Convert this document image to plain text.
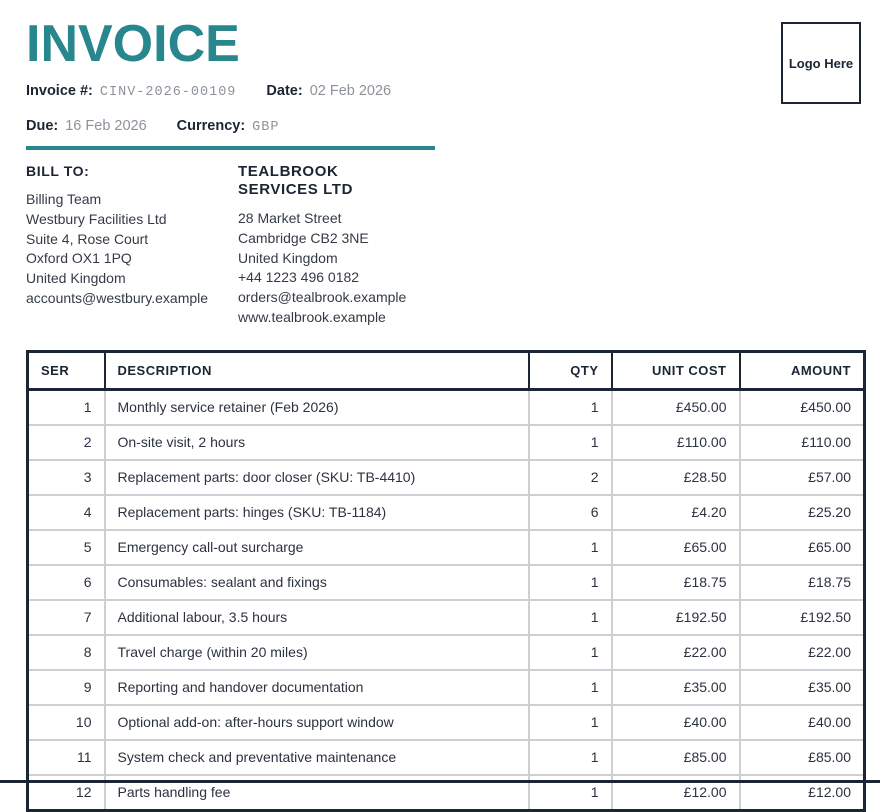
Logo Here
INVOICE
Invoice #: CINV-2026-00109 Date: 02 Feb 2026
Due: 16 Feb 2026 Currency: GBP
BILL TO:
Billing Team
Westbury Facilities Ltd
Suite 4, Rose Court
Oxford OX1 1PQ
United Kingdom
accounts@westbury.example
TEALBROOK SERVICES LTD
28 Market Street
Cambridge CB2 3NE
United Kingdom
+44 1223 496 0182
orders@tealbrook.example
www.tealbrook.example
SER	DESCRIPTION	QTY	UNIT COST	AMOUNT
1	Monthly service retainer (Feb 2026)	1	£450.00	£450.00
2	On-site visit, 2 hours	1	£110.00	£110.00
3	Replacement parts: door closer (SKU: TB-4410)	2	£28.50	£57.00
4	Replacement parts: hinges (SKU: TB-1184)	6	£4.20	£25.20
5	Emergency call-out surcharge	1	£65.00	£65.00
6	Consumables: sealant and fixings	1	£18.75	£18.75
7	Additional labour, 3.5 hours	1	£192.50	£192.50
8	Travel charge (within 20 miles)	1	£22.00	£22.00
9	Reporting and handover documentation	1	£35.00	£35.00
10	Optional add-on: after-hours support window	1	£40.00	£40.00
11	System check and preventative maintenance	1	£85.00	£85.00
12	Parts handling fee	1	£12.00	£12.00
